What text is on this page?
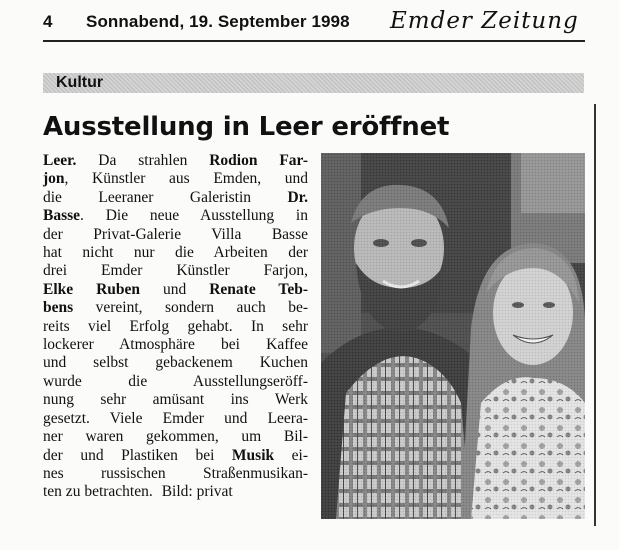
4 Sonnabend, 19. September 1998 Emder Zeitung
Kultur
Ausstellung in Leer eröffnet
Leer. Da strahlen Rodion Far-
jon, Künstler aus Emden, und
die Leeraner Galeristin Dr.
Basse. Die neue Ausstellung in
der Privat-Galerie Villa Basse
hat nicht nur die Arbeiten der
drei Emder Künstler Farjon,
Elke Ruben und Renate Teb-
bens vereint, sondern auch be-
reits viel Erfolg gehabt. In sehr
lockerer Atmosphäre bei Kaffee
und selbst gebackenem Kuchen
wurde die Ausstellungseröff-
nung sehr amüsant ins Werk
gesetzt. Viele Emder und Leera-
ner waren gekommen, um Bil-
der und Plastiken bei Musik ei-
nes russischen Straßenmusikan-
ten zu betrachten. Bild: privat
